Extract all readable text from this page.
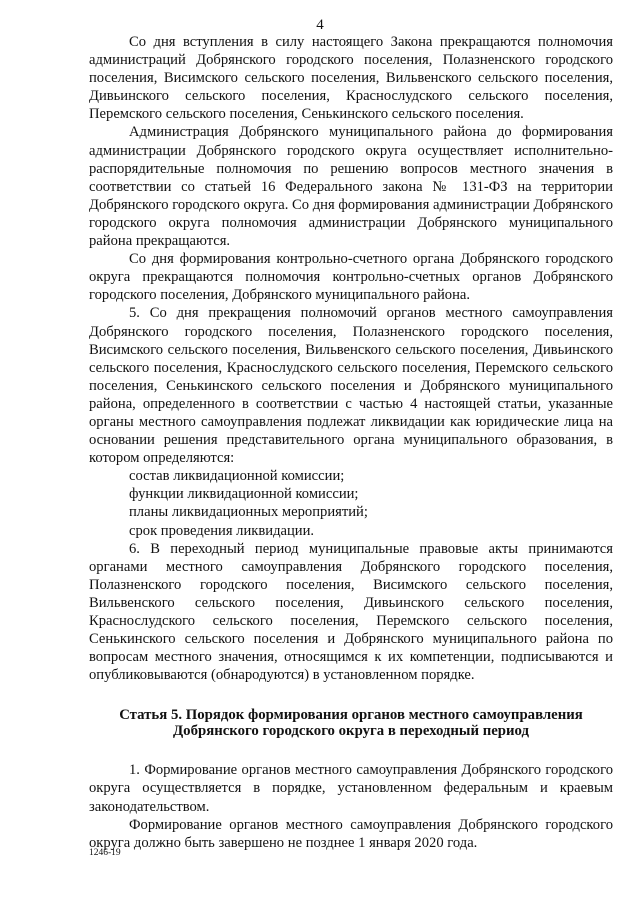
4

Со дня вступления в силу настоящего Закона прекращаются полномочия администраций Добрянского городского поселения, Полазненского городского поселения, Висимского сельского поселения, Вильвенского сельского поселения, Дивьинского сельского поселения, Краснослудского сельского поселения, Перемского сельского поселения, Сенькинского сельского поселения.

Администрация Добрянского муниципального района до формирования администрации Добрянского городского округа осуществляет исполнительно-распорядительные полномочия по решению вопросов местного значения в соответствии со статьей 16 Федерального закона № 131-ФЗ на территории Добрянского городского округа. Со дня формирования администрации Добрянского городского округа полномочия администрации Добрянского муниципального района прекращаются.

Со дня формирования контрольно-счетного органа Добрянского городского округа прекращаются полномочия контрольно-счетных органов Добрянского городского поселения, Добрянского муниципального района.

5. Со дня прекращения полномочий органов местного самоуправления Добрянского городского поселения, Полазненского городского поселения, Висимского сельского поселения, Вильвенского сельского поселения, Дивьинского сельского поселения, Краснослудского сельского поселения, Перемского сельского поселения, Сенькинского сельского поселения и Добрянского муниципального района, определенного в соответствии с частью 4 настоящей статьи, указанные органы местного самоуправления подлежат ликвидации как юридические лица на основании решения представительного органа муниципального образования, в котором определяются:

состав ликвидационной комиссии;

функции ликвидационной комиссии;

планы ликвидационных мероприятий;

срок проведения ликвидации.

6. В переходный период муниципальные правовые акты принимаются органами местного самоуправления Добрянского городского поселения, Полазненского городского поселения, Висимского сельского поселения, Вильвенского сельского поселения, Дивьинского сельского поселения, Краснослудского сельского поселения, Перемского сельского поселения, Сенькинского сельского поселения и Добрянского муниципального района по вопросам местного значения, относящимся к их компетенции, подписываются и опубликовываются (обнародуются) в установленном порядке.

Статья 5. Порядок формирования органов местного самоуправления
Добрянского городского округа в переходный период

1. Формирование органов местного самоуправления Добрянского городского округа осуществляется в порядке, установленном федеральным и краевым законодательством.

Формирование органов местного самоуправления Добрянского городского округа должно быть завершено не позднее 1 января 2020 года.

1246-19
